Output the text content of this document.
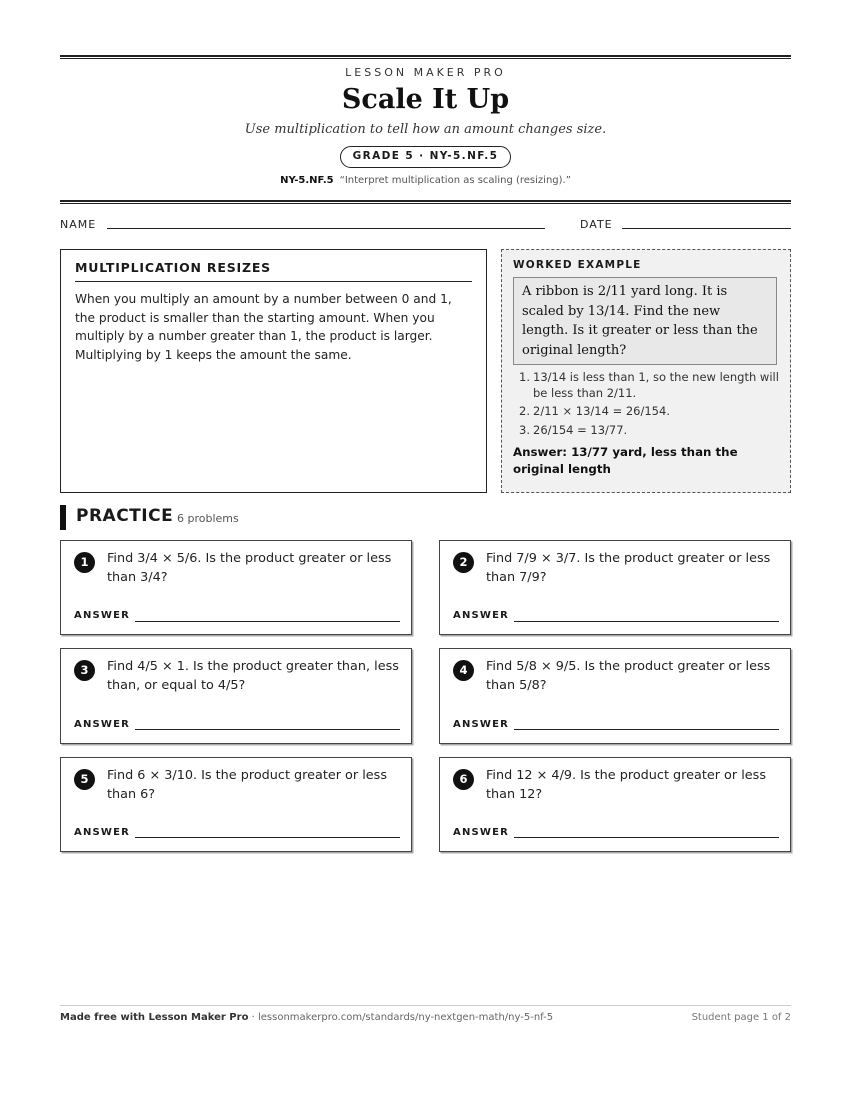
LESSON MAKER PRO
Scale It Up
Use multiplication to tell how an amount changes size.
GRADE 5 · NY-5.NF.5
NY-5.NF.5 “Interpret multiplication as scaling (resizing).”
NAME	DATE
MULTIPLICATION RESIZES
When you multiply an amount by a number between 0 and 1, the product is smaller than the starting amount. When you multiply by a number greater than 1, the product is larger. Multiplying by 1 keeps the amount the same.
WORKED EXAMPLE
A ribbon is 2/11 yard long. It is scaled by 13/14. Find the new length. Is it greater or less than the original length?
1. 13/14 is less than 1, so the new length will be less than 2/11.
2. 2/11 × 13/14 = 26/154.
3. 26/154 = 13/77.
Answer: 13/77 yard, less than the original length
PRACTICE 6 problems
1	Find 3/4 × 5/6. Is the product greater or less than 3/4?
ANSWER
2	Find 7/9 × 3/7. Is the product greater or less than 7/9?
ANSWER
3	Find 4/5 × 1. Is the product greater than, less than, or equal to 4/5?
ANSWER
4	Find 5/8 × 9/5. Is the product greater or less than 5/8?
ANSWER
5	Find 6 × 3/10. Is the product greater or less than 6?
ANSWER
6	Find 12 × 4/9. Is the product greater or less than 12?
ANSWER
Made free with Lesson Maker Pro · lessonmakerpro.com/standards/ny-nextgen-math/ny-5-nf-5	Student page 1 of 2
